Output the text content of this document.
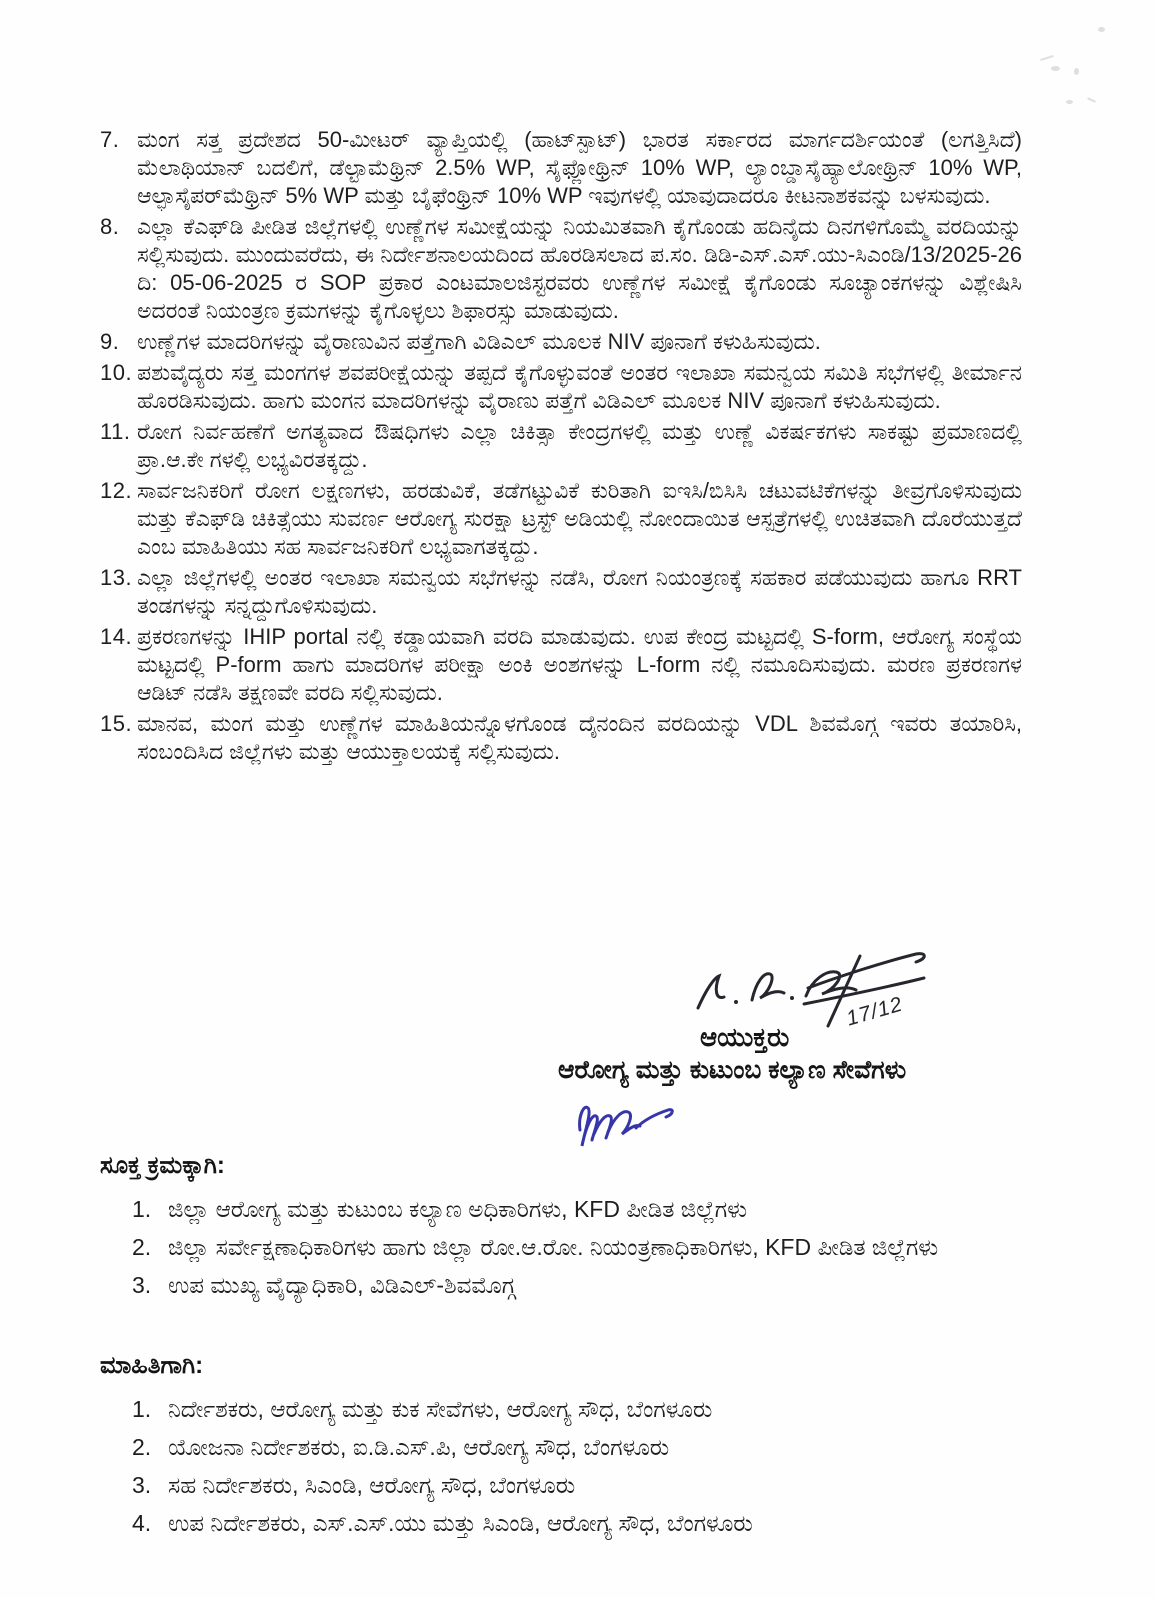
7. ಮಂಗ ಸತ್ತ ಪ್ರದೇಶದ 50-ಮೀಟರ್ ವ್ಯಾಪ್ತಿಯಲ್ಲಿ (ಹಾಟ್‌ಸ್ಪಾಟ್) ಭಾರತ ಸರ್ಕಾರದ ಮಾರ್ಗದರ್ಶಿಯಂತೆ (ಲಗತ್ತಿಸಿದೆ) ಮೆಲಾಥಿಯಾನ್ ಬದಲಿಗೆ, ಡೆಲ್ಟಾಮೆಥ್ರಿನ್ 2.5% WP, ಸೈಫ್ಲೋಥ್ರಿನ್ 10% WP, ಲ್ಯಾಂಬ್ಡಾಸೈಹ್ಯಾಲೋಥ್ರಿನ್ 10% WP, ಆಲ್ಫಾಸೈಪರ್‌ಮೆಥ್ರಿನ್ 5% WP ಮತ್ತು ಬೈಫೆಂಥ್ರಿನ್ 10% WP ಇವುಗಳಲ್ಲಿ ಯಾವುದಾದರೂ ಕೀಟನಾಶಕವನ್ನು ಬಳಸುವುದು.
8. ಎಲ್ಲಾ ಕೆಎಫ್‌ಡಿ ಪೀಡಿತ ಜಿಲ್ಲೆಗಳಲ್ಲಿ ಉಣ್ಣೆಗಳ ಸಮೀಕ್ಷೆಯನ್ನು ನಿಯಮಿತವಾಗಿ ಕೈಗೊಂಡು ಹದಿನೈದು ದಿನಗಳಿಗೊಮ್ಮೆ ವರದಿಯನ್ನು ಸಲ್ಲಿಸುವುದು. ಮುಂದುವರೆದು, ಈ ನಿರ್ದೇಶನಾಲಯದಿಂದ ಹೊರಡಿಸಲಾದ ಪ.ಸಂ. ಡಿಡಿ-ಎಸ್.ಎಸ್.ಯು-ಸಿಎಂಡಿ/13/2025-26 ದಿ: 05-06-2025 ರ SOP ಪ್ರಕಾರ ಎಂಟಮಾಲಜಿಸ್ಟರವರು ಉಣ್ಣೆಗಳ ಸಮೀಕ್ಷೆ ಕೈಗೊಂಡು ಸೂಚ್ಯಾಂಕಗಳನ್ನು ವಿಶ್ಲೇಷಿಸಿ ಅದರಂತೆ ನಿಯಂತ್ರಣ ಕ್ರಮಗಳನ್ನು ಕೈಗೊಳ್ಳಲು ಶಿಫಾರಸ್ಸು ಮಾಡುವುದು.
9. ಉಣ್ಣೆಗಳ ಮಾದರಿಗಳನ್ನು ವೈರಾಣುವಿನ ಪತ್ತೆಗಾಗಿ ವಿಡಿಎಲ್ ಮೂಲಕ NIV ಪೂನಾಗೆ ಕಳುಹಿಸುವುದು.
10. ಪಶುವೈದ್ಯರು ಸತ್ತ ಮಂಗಗಳ ಶವಪರೀಕ್ಷೆಯನ್ನು ತಪ್ಪದೆ ಕೈಗೊಳ್ಳುವಂತೆ ಅಂತರ ಇಲಾಖಾ ಸಮನ್ವಯ ಸಮಿತಿ ಸಭೆಗಳಲ್ಲಿ ತೀರ್ಮಾನ ಹೊರಡಿಸುವುದು. ಹಾಗು ಮಂಗನ ಮಾದರಿಗಳನ್ನು ವೈರಾಣು ಪತ್ತೆಗೆ ವಿಡಿಎಲ್ ಮೂಲಕ NIV ಪೂನಾಗೆ ಕಳುಹಿಸುವುದು.
11. ರೋಗ ನಿರ್ವಹಣೆಗೆ ಅಗತ್ಯವಾದ ಔಷಧಿಗಳು ಎಲ್ಲಾ ಚಿಕಿತ್ಸಾ ಕೇಂದ್ರಗಳಲ್ಲಿ ಮತ್ತು ಉಣ್ಣೆ ವಿಕರ್ಷಕಗಳು ಸಾಕಷ್ಟು ಪ್ರಮಾಣದಲ್ಲಿ ಪ್ರಾ.ಆ.ಕೇ ಗಳಲ್ಲಿ ಲಭ್ಯವಿರತಕ್ಕದ್ದು.
12. ಸಾರ್ವಜನಿಕರಿಗೆ ರೋಗ ಲಕ್ಷಣಗಳು, ಹರಡುವಿಕೆ, ತಡೆಗಟ್ಟುವಿಕೆ ಕುರಿತಾಗಿ ಐಇಸಿ/ಬಿಸಿಸಿ ಚಟುವಟಿಕೆಗಳನ್ನು ತೀವ್ರಗೊಳಿಸುವುದು ಮತ್ತು ಕೆಎಫ್‌ಡಿ ಚಿಕಿತ್ಸೆಯು ಸುವರ್ಣ ಆರೋಗ್ಯ ಸುರಕ್ಷಾ ಟ್ರಸ್ಟ್ ಅಡಿಯಲ್ಲಿ ನೋಂದಾಯಿತ ಆಸ್ಪತ್ರೆಗಳಲ್ಲಿ ಉಚಿತವಾಗಿ ದೊರೆಯುತ್ತದೆ ಎಂಬ ಮಾಹಿತಿಯು ಸಹ ಸಾರ್ವಜನಿಕರಿಗೆ ಲಭ್ಯವಾಗತಕ್ಕದ್ದು.
13. ಎಲ್ಲಾ ಜಿಲ್ಲೆಗಳಲ್ಲಿ ಅಂತರ ಇಲಾಖಾ ಸಮನ್ವಯ ಸಭೆಗಳನ್ನು ನಡೆಸಿ, ರೋಗ ನಿಯಂತ್ರಣಕ್ಕೆ ಸಹಕಾರ ಪಡೆಯುವುದು ಹಾಗೂ RRT ತಂಡಗಳನ್ನು ಸನ್ನದ್ದುಗೊಳಿಸುವುದು.
14. ಪ್ರಕರಣಗಳನ್ನು IHIP portal ನಲ್ಲಿ ಕಡ್ಡಾಯವಾಗಿ ವರದಿ ಮಾಡುವುದು. ಉಪ ಕೇಂದ್ರ ಮಟ್ಟದಲ್ಲಿ S-form, ಆರೋಗ್ಯ ಸಂಸ್ಥೆಯ ಮಟ್ಟದಲ್ಲಿ P-form ಹಾಗು ಮಾದರಿಗಳ ಪರೀಕ್ಷಾ ಅಂಕಿ ಅಂಶಗಳನ್ನು L-form ನಲ್ಲಿ ನಮೂದಿಸುವುದು. ಮರಣ ಪ್ರಕರಣಗಳ ಆಡಿಟ್ ನಡೆಸಿ ತಕ್ಷಣವೇ ವರದಿ ಸಲ್ಲಿಸುವುದು.
15. ಮಾನವ, ಮಂಗ ಮತ್ತು ಉಣ್ಣೆಗಳ ಮಾಹಿತಿಯನ್ನೊಳಗೊಂಡ ದೈನಂದಿನ ವರದಿಯನ್ನು VDL ಶಿವಮೊಗ್ಗ ಇವರು ತಯಾರಿಸಿ, ಸಂಬಂದಿಸಿದ ಜಿಲ್ಲೆಗಳು ಮತ್ತು ಆಯುಕ್ತಾಲಯಕ್ಕೆ ಸಲ್ಲಿಸುವುದು.
17/12
ಆಯುಕ್ತರು
ಆರೋಗ್ಯ ಮತ್ತು ಕುಟುಂಬ ಕಲ್ಯಾಣ ಸೇವೆಗಳು
ಸೂಕ್ತ ಕ್ರಮಕ್ಕಾಗಿ:
1. ಜಿಲ್ಲಾ ಆರೋಗ್ಯ ಮತ್ತು ಕುಟುಂಬ ಕಲ್ಯಾಣ ಅಧಿಕಾರಿಗಳು, KFD ಪೀಡಿತ ಜಿಲ್ಲೆಗಳು
2. ಜಿಲ್ಲಾ ಸರ್ವೇಕ್ಷಣಾಧಿಕಾರಿಗಳು ಹಾಗು ಜಿಲ್ಲಾ ರೋ.ಆ.ರೋ. ನಿಯಂತ್ರಣಾಧಿಕಾರಿಗಳು, KFD ಪೀಡಿತ ಜಿಲ್ಲೆಗಳು
3. ಉಪ ಮುಖ್ಯ ವೈದ್ಯಾಧಿಕಾರಿ, ವಿಡಿಎಲ್-ಶಿವಮೊಗ್ಗ
ಮಾಹಿತಿಗಾಗಿ:
1. ನಿರ್ದೇಶಕರು, ಆರೋಗ್ಯ ಮತ್ತು ಕುಕ ಸೇವೆಗಳು, ಆರೋಗ್ಯ ಸೌಧ, ಬೆಂಗಳೂರು
2. ಯೋಜನಾ ನಿರ್ದೇಶಕರು, ಐ.ಡಿ.ಎಸ್.ಪಿ, ಆರೋಗ್ಯ ಸೌಧ, ಬೆಂಗಳೂರು
3. ಸಹ ನಿರ್ದೇಶಕರು, ಸಿಎಂಡಿ, ಆರೋಗ್ಯ ಸೌಧ, ಬೆಂಗಳೂರು
4. ಉಪ ನಿರ್ದೇಶಕರು, ಎಸ್.ಎಸ್.ಯು ಮತ್ತು ಸಿಎಂಡಿ, ಆರೋಗ್ಯ ಸೌಧ, ಬೆಂಗಳೂರು
